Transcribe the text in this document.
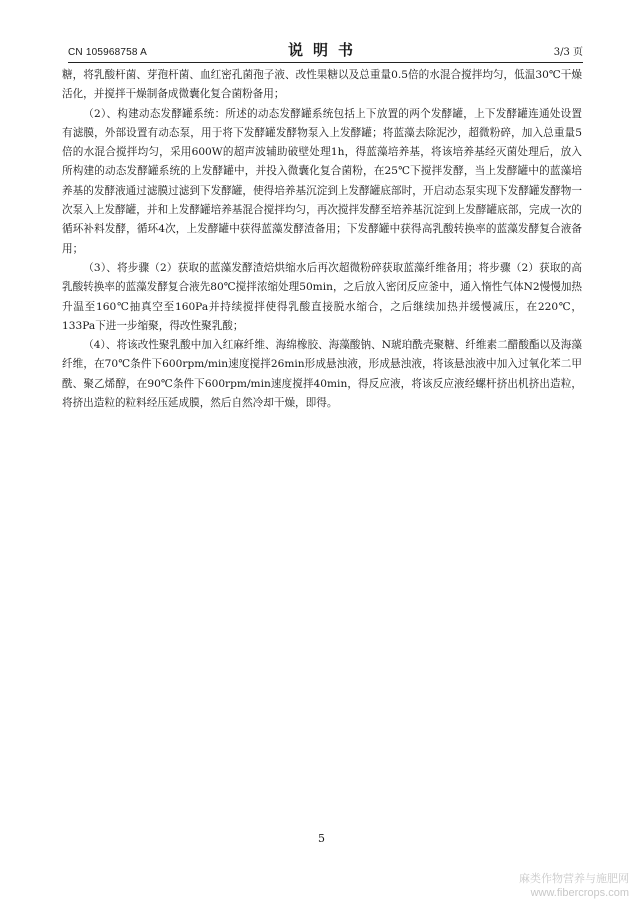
CN 105968758 A	说明书	3/3 页

糖，将乳酸杆菌、芽孢杆菌、血红密孔菌孢子液、改性果糖以及总重量0.5倍的水混合搅拌均匀，低温30℃干燥活化，并搅拌干燥制备成微囊化复合菌粉备用；

（2）、构建动态发酵罐系统：所述的动态发酵罐系统包括上下放置的两个发酵罐，上下发酵罐连通处设置有滤膜，外部设置有动态泵，用于将下发酵罐发酵物泵入上发酵罐；将蓝藻去除泥沙，超微粉碎，加入总重量5倍的水混合搅拌均匀，采用600W的超声波辅助破壁处理1h，得蓝藻培养基，将该培养基经灭菌处理后，放入所构建的动态发酵罐系统的上发酵罐中，并投入微囊化复合菌粉，在25℃下搅拌发酵，当上发酵罐中的蓝藻培养基的发酵液通过滤膜过滤到下发酵罐，使得培养基沉淀到上发酵罐底部时，开启动态泵实现下发酵罐发酵物一次泵入上发酵罐，并和上发酵罐培养基混合搅拌均匀，再次搅拌发酵至培养基沉淀到上发酵罐底部，完成一次的循环补料发酵，循环4次，上发酵罐中获得蓝藻发酵渣备用；下发酵罐中获得高乳酸转换率的蓝藻发酵复合液备用；

（3）、将步骤（2）获取的蓝藻发酵渣焙烘缩水后再次超微粉碎获取蓝藻纤维备用；将步骤（2）获取的高乳酸转换率的蓝藻发酵复合液先80℃搅拌浓缩处理50min，之后放入密闭反应釜中，通入惰性气体N2慢慢加热升温至160℃抽真空至160Pa并持续搅拌使得乳酸直接脱水缩合，之后继续加热并缓慢减压，在220℃，133Pa下进一步缩聚，得改性聚乳酸；

（4）、将该改性聚乳酸中加入红麻纤维、海绵橡胶、海藻酸钠、N琥珀酰壳聚糖、纤维素二醋酸酯以及海藻纤维，在70℃条件下600rpm/min速度搅拌26min形成悬浊液，形成悬浊液，将该悬浊液中加入过氧化苯二甲酰、聚乙烯醇，在90℃条件下600rpm/min速度搅拌40min，得反应液，将该反应液经螺杆挤出机挤出造粒，将挤出造粒的粒料经压延成膜，然后自然冷却干燥，即得。

5
麻类作物营养与施肥网
www.fibercrops.com
